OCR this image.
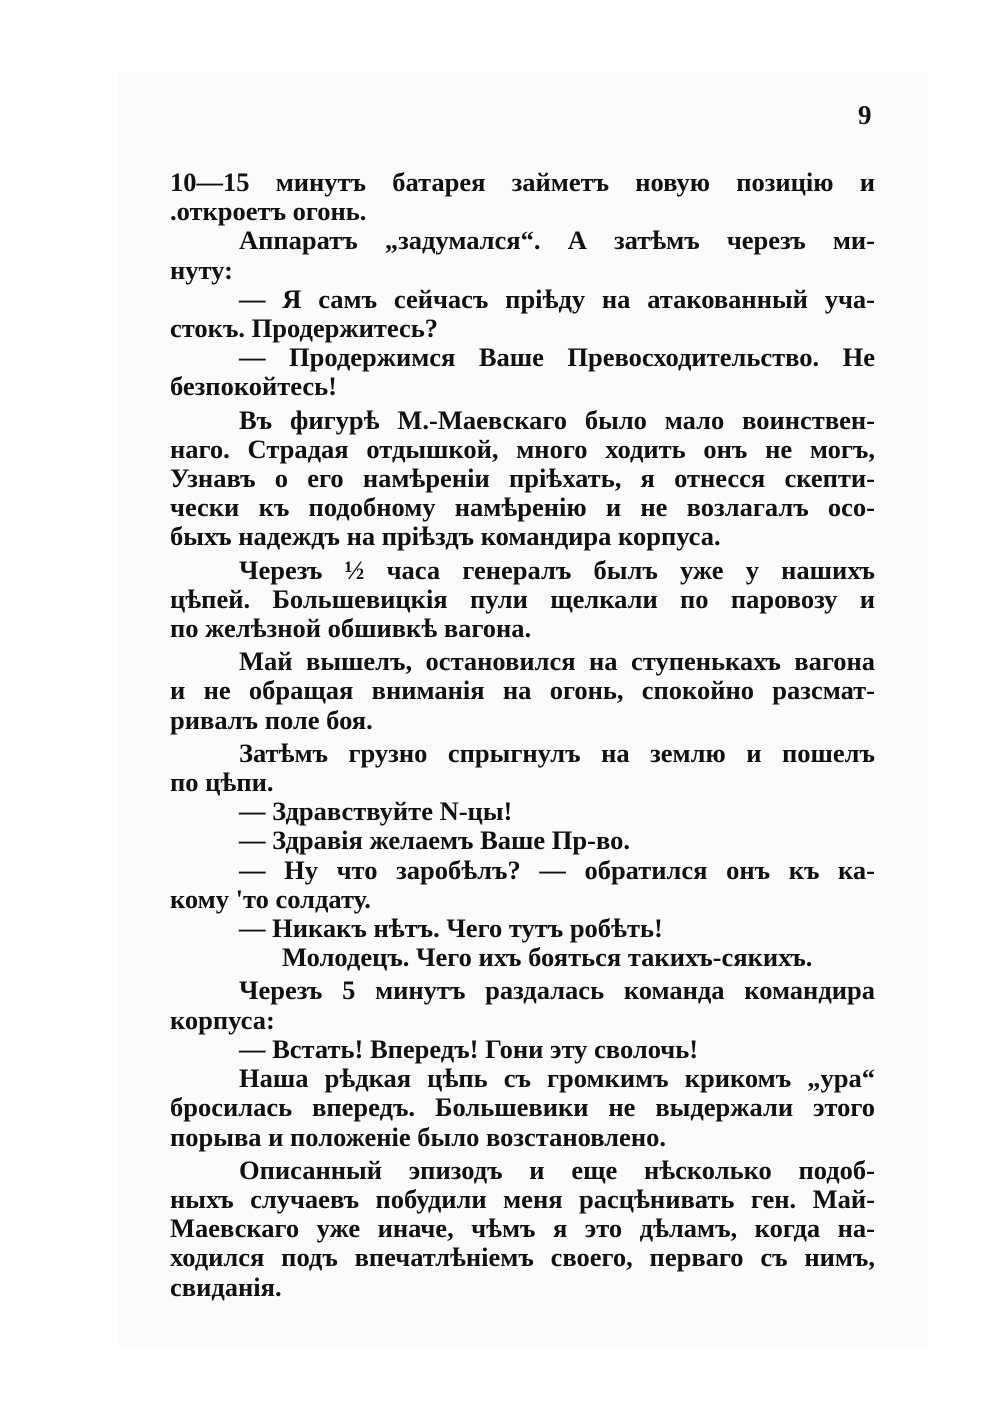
9
10—15 минутъ батарея займетъ новую позицію и
.откроетъ огонь.
Аппаратъ „задумался“. А затѣмъ черезъ ми-
нуту:
— Я самъ сейчасъ пріѣду на атакованный уча-
стокъ. Продержитесь?
— Продержимся Ваше Превосходительство. Не
безпокойтесь!
Въ фигурѣ М.-Маевскаго было мало воинствен-
наго. Страдая отдышкой, много ходить онъ не могъ,
Узнавъ о его намѣреніи пріѣхать, я отнесся скепти-
чески къ подобному намѣренію и не возлагалъ осо-
быхъ надеждъ на пріѣздъ командира корпуса.
Черезъ ½ часа генералъ былъ уже у нашихъ
цѣпей. Большевицкія пули щелкали по паровозу и
по желѣзной обшивкѣ вагона.
Май вышелъ, остановился на ступенькахъ вагона
и не обращая вниманія на огонь, спокойно разсмат-
ривалъ поле боя.
Затѣмъ грузно спрыгнулъ на землю и пошелъ
по цѣпи.
— Здравствуйте N-цы!
— Здравія желаемъ Ваше Пр-во.
— Ну что заробѣлъ? — обратился онъ къ ка-
кому 'то солдату.
— Никакъ нѣтъ. Чего тутъ робѣть!
Молодецъ. Чего ихъ бояться такихъ-сякихъ.
Черезъ 5 минутъ раздалась команда командира
корпуса:
— Встать! Впередъ! Гони эту сволочь!
Наша рѣдкая цѣпь съ громкимъ крикомъ „ура“
бросилась впередъ. Большевики не выдержали этого
порыва и положеніе было возстановлено.
Описанный эпизодъ и еще нѣсколько подоб-
ныхъ случаевъ побудили меня расцѣнивать ген. Май-
Маевскаго уже иначе, чѣмъ я это дѣламъ, когда на-
ходился подъ впечатлѣніемъ своего, перваго съ нимъ,
свиданія.
